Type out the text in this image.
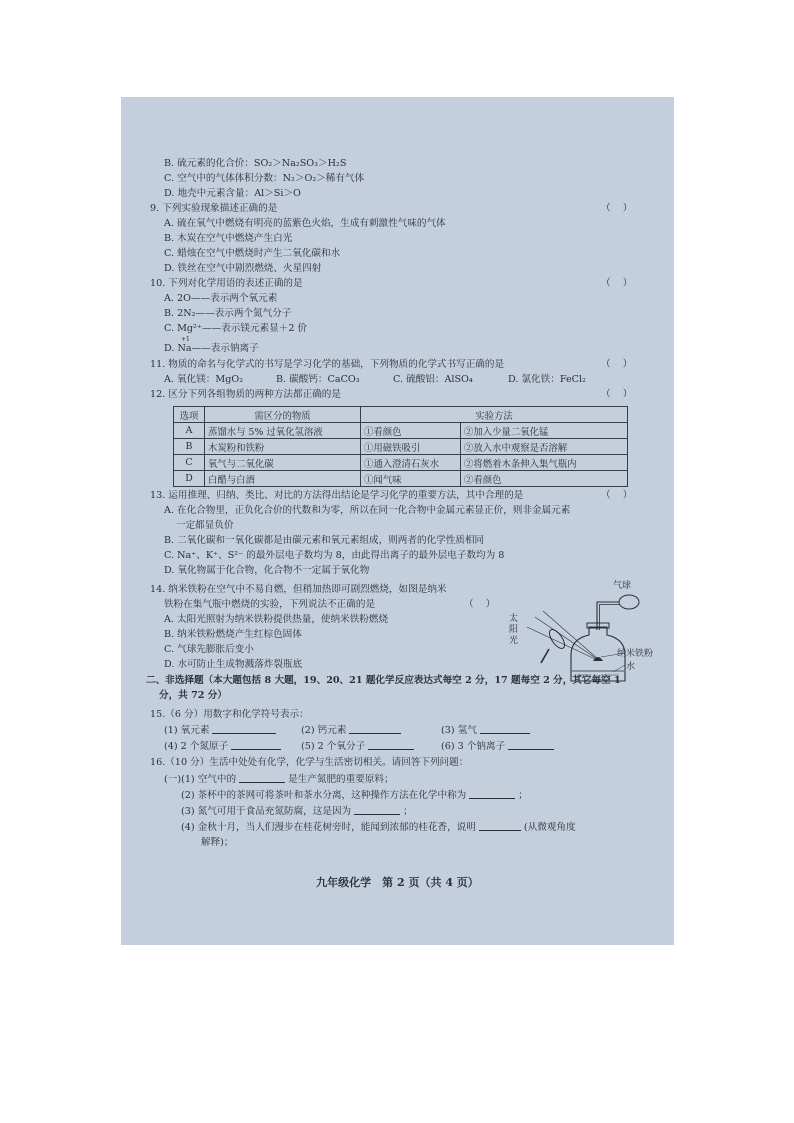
B. 硫元素的化合价：SO₂＞Na₂SO₃＞H₂S
C. 空气中的气体体积分数：N₂＞O₂＞稀有气体
D. 地壳中元素含量：Al＞Si＞O
9. 下列实验现象描述正确的是	（    ）
A. 硫在氧气中燃烧有明亮的蓝紫色火焰，生成有刺激性气味的气体
B. 木炭在空气中燃烧产生白光
C. 蜡烛在空气中燃烧时产生二氧化碳和水
D. 铁丝在空气中剧烈燃烧、火星四射
10. 下列对化学用语的表述正确的是	（    ）
A. 2O——表示两个氧元素
B. 2N₂——表示两个氮气分子
C. Mg²⁺——表示镁元素显＋2 价
+1
D. Na——表示钠离子
11. 物质的命名与化学式的书写是学习化学的基础，下列物质的化学式书写正确的是	（    ）
A. 氧化镁：MgO₂	B. 碳酸钙：CaCO₃	C. 硫酸铝：AlSO₄	D. 氯化铁：FeCl₂
12. 区分下列各组物质的两种方法都正确的是	（    ）
选项	需区分的物质	实验方法	
A	蒸馏水与 5% 过氧化氢溶液	①看颜色	②加入少量二氧化锰
B	木炭粉和铁粉	①用磁铁吸引	②放入水中观察是否溶解
C	氧气与二氧化碳	①通入澄清石灰水	②将燃着木条伸入集气瓶内
D	白醋与白酒	①闻气味	②看颜色
13. 运用推理、归纳、类比、对比的方法得出结论是学习化学的重要方法，其中合理的是	（    ）
A. 在化合物里，正负化合价的代数和为零，所以在同一化合物中金属元素显正价，则非金属元素
一定都显负价
B. 二氧化碳和一氧化碳都是由碳元素和氧元素组成，则两者的化学性质相同
C. Na⁺、K⁺、S²⁻ 的最外层电子数均为 8，由此得出离子的最外层电子数均为 8
D. 氧化物属于化合物，化合物不一定属于氧化物
14. 纳米铁粉在空气中不易自燃，但稍加热即可剧烈燃烧，如图是纳米
铁粉在集气瓶中燃烧的实验，下列说法不正确的是	（    ）
A. 太阳光照射为纳米铁粉提供热量，使纳米铁粉燃烧
B. 纳米铁粉燃烧产生红棕色固体
C. 气球先膨胀后变小
D. 水可防止生成物溅落炸裂瓶底
气球
太
阳
光
纳米铁粉
水
二、非选择题（本大题包括 8 大题，19、20、21 题化学反应表达式每空 2 分，17 题每空 2 分，其它每空 1
分，共 72 分）
15.（6 分）用数字和化学符号表示：
(1) 氧元素	(2) 钙元素	(3) 氢气
(4) 2 个氮原子	(5) 2 个氧分子	(6) 3 个钠离子
16.（10 分）生活中处处有化学，化学与生活密切相关。请回答下列问题：
(一)(1) 空气中的	是生产氮肥的重要原料；
(2) 茶杯中的茶网可将茶叶和茶水分离，这种操作方法在化学中称为	；
(3) 氮气可用于食品充氮防腐，这是因为	；
(4) 金秋十月，当人们漫步在桂花树旁时，能闻到浓郁的桂花香，说明	(从微观角度
解释)；
九年级化学　第 2 页（共 4 页）
